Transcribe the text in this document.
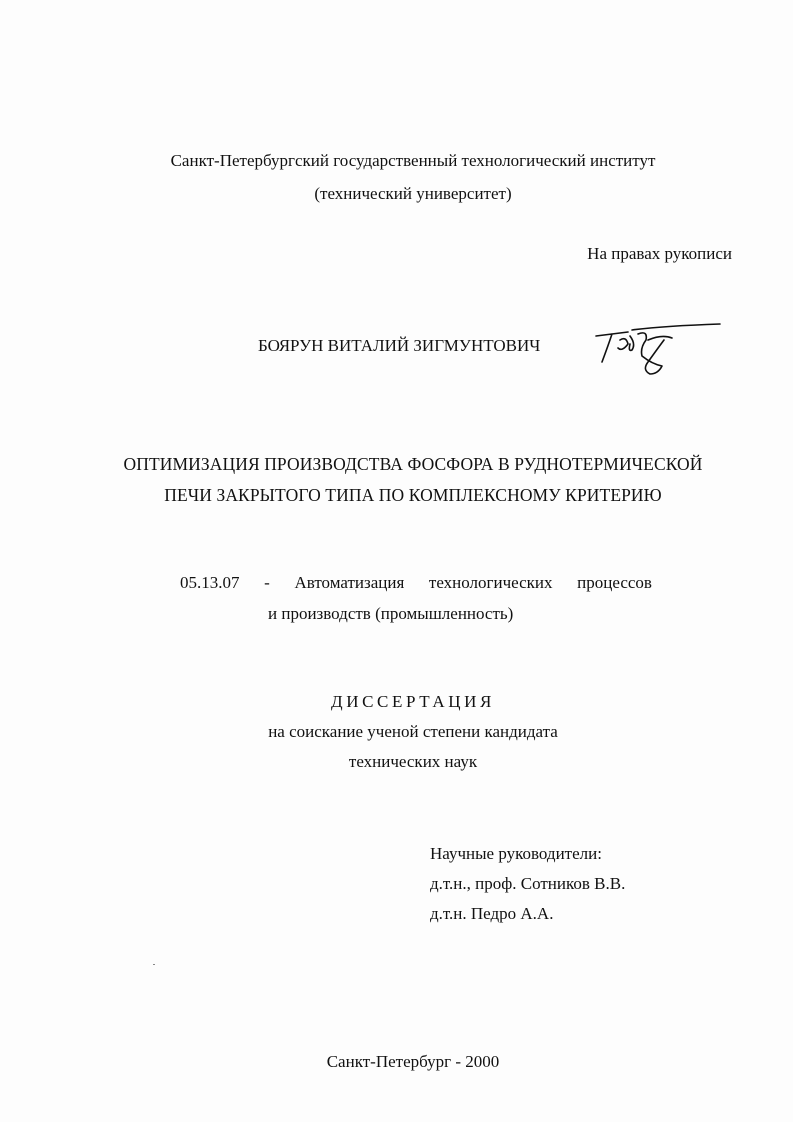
Санкт-Петербургский государственный технологический институт
(технический университет)
На правах рукописи
БОЯРУН ВИТАЛИЙ ЗИГМУНТОВИЧ
ОПТИМИЗАЦИЯ ПРОИЗВОДСТВА ФОСФОРА В РУДНОТЕРМИЧЕСКОЙ
ПЕЧИ ЗАКРЫТОГО ТИПА ПО КОМПЛЕКСНОМУ КРИТЕРИЮ
05.13.07 - Автоматизация технологических процессов
и производств (промышленность)
ДИССЕРТАЦИЯ
на соискание ученой степени кандидата
технических наук
Научные руководители:
д.т.н., проф. Сотников В.В.
д.т.н. Педро А.А.
Санкт-Петербург - 2000
